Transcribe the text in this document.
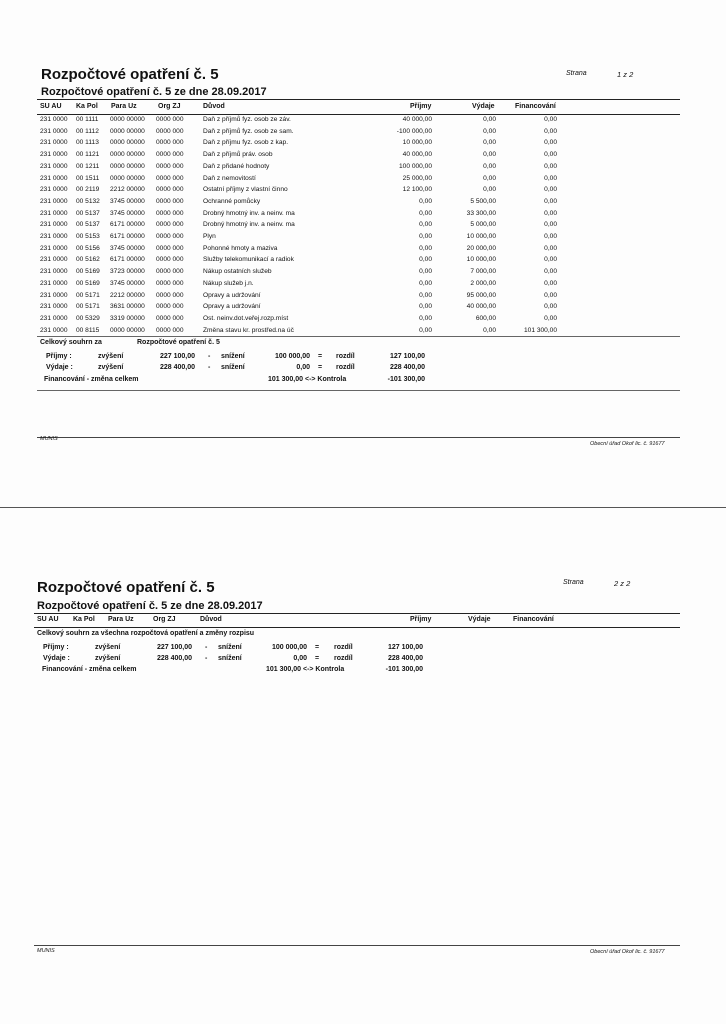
Rozpočtové opatření č. 5	Strana	1 z 2
Rozpočtové opatření č. 5 ze dne 28.09.2017
SU AU Ka Pol Para Uz	Org ZJ	Důvod	Příjmy	Výdaje	Financování
231 0000 00 1111 0000 00000 0000 000	Daň z příjmů fyz. osob ze záv.	40 000,00	0,00	0,00
231 0000 00 1112 0000 00000 0000 000	Daň z příjmů fyz. osob ze sam.	-100 000,00	0,00	0,00
231 0000 00 1113 0000 00000 0000 000	Daň z příjmu fyz. osob z kap.	10 000,00	0,00	0,00
231 0000 00 1121 0000 00000 0000 000	Daň z příjmů práv. osob	40 000,00	0,00	0,00
231 0000 00 1211 0000 00000 0000 000	Daň z přidané hodnoty	100 000,00	0,00	0,00
231 0000 00 1511 0000 00000 0000 000	Daň z nemovitostí	25 000,00	0,00	0,00
231 0000 00 2119 2212 00000 0000 000	Ostatní příjmy z vlastní činno	12 100,00	0,00	0,00
231 0000 00 5132 3745 00000 0000 000	Ochranné pomůcky	0,00	5 500,00	0,00
231 0000 00 5137 3745 00000 0000 000	Drobný hmotný inv. a neinv. ma	0,00	33 300,00	0,00
231 0000 00 5137 6171 00000 0000 000	Drobný hmotný inv. a neinv. ma	0,00	5 000,00	0,00
231 0000 00 5153 6171 00000 0000 000	Plyn	0,00	10 000,00	0,00
231 0000 00 5156 3745 00000 0000 000	Pohonné hmoty a maziva	0,00	20 000,00	0,00
231 0000 00 5162 6171 00000 0000 000	Služby telekomunikací a radiok	0,00	10 000,00	0,00
231 0000 00 5169 3723 00000 0000 000	Nákup ostatních služeb	0,00	7 000,00	0,00
231 0000 00 5169 3745 00000 0000 000	Nákup služeb j.n.	0,00	2 000,00	0,00
231 0000 00 5171 2212 00000 0000 000	Opravy a udržování	0,00	95 000,00	0,00
231 0000 00 5171 3631 00000 0000 000	Opravy a udržování	0,00	40 000,00	0,00
231 0000 00 5329 3319 00000 0000 000	Ost. neinv.dot.veřej.rozp.míst	0,00	600,00	0,00
231 0000 00 8115 0000 00000 0000 000	Změna stavu kr. prostřed.na úč	0,00	0,00	101 300,00
Celkový souhrn za	Rozpočtové opatření č. 5
Příjmy :	zvýšení	227 100,00 - snížení	100 000,00 = rozdíl	127 100,00
Výdaje :	zvýšení	228 400,00 - snížení	0,00 = rozdíl	228 400,00
Financování - změna celkem	101 300,00 <-> Kontrola	-101 300,00
MUNIS
Obecní úřad Okoř lic. č. 91677
Rozpočtové opatření č. 5	Strana	2 z 2
Rozpočtové opatření č. 5 ze dne 28.09.2017
SU AU Ka Pol Para Uz	Org ZJ	Důvod	Příjmy	Výdaje	Financování
Celkový souhrn za všechna rozpočtová opatření a změny rozpisu
Příjmy :	zvýšení	227 100,00 - snížení	100 000,00 = rozdíl	127 100,00
Výdaje :	zvýšení	228 400,00 - snížení	0,00 = rozdíl	228 400,00
Financování - změna celkem	101 300,00 <-> Kontrola	-101 300,00
MUNIS	Obecní úřad Okoř lic. č. 91677
